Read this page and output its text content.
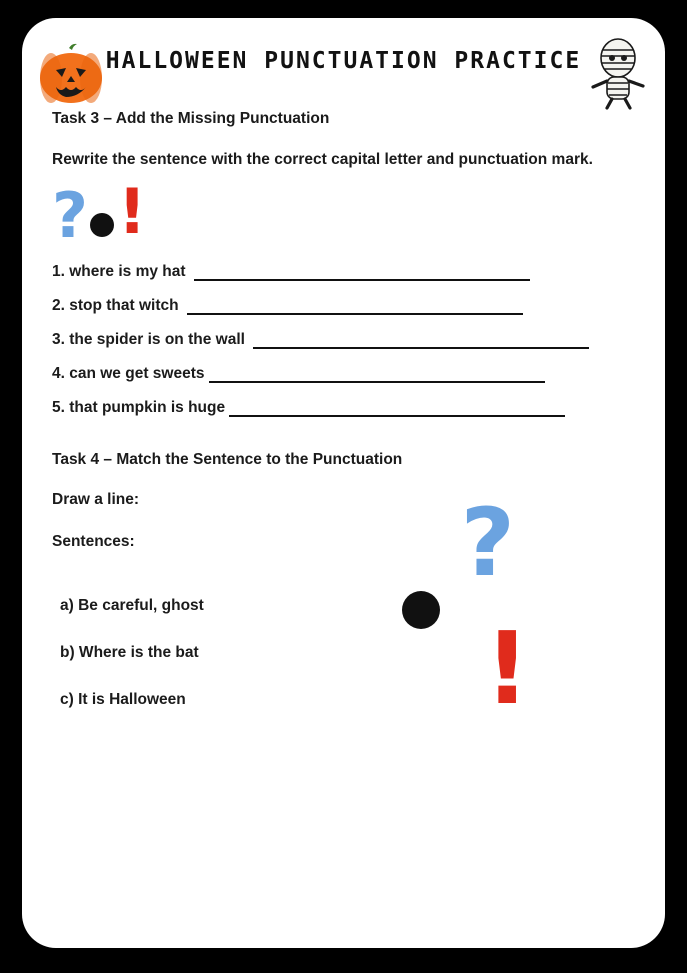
HALLOWEEN PUNCTUATION PRACTICE
Task 3 – Add the Missing Punctuation
Rewrite the sentence with the correct capital letter and punctuation mark.
? !
1. where is my hat
2. stop that witch
3. the spider is on the wall
4. can we get sweets
5. that pumpkin is huge
Task 4 – Match the Sentence to the Punctuation
Draw a line:
Sentences:
a) Be careful, ghost
b) Where is the bat
c) It is Halloween
?
!
